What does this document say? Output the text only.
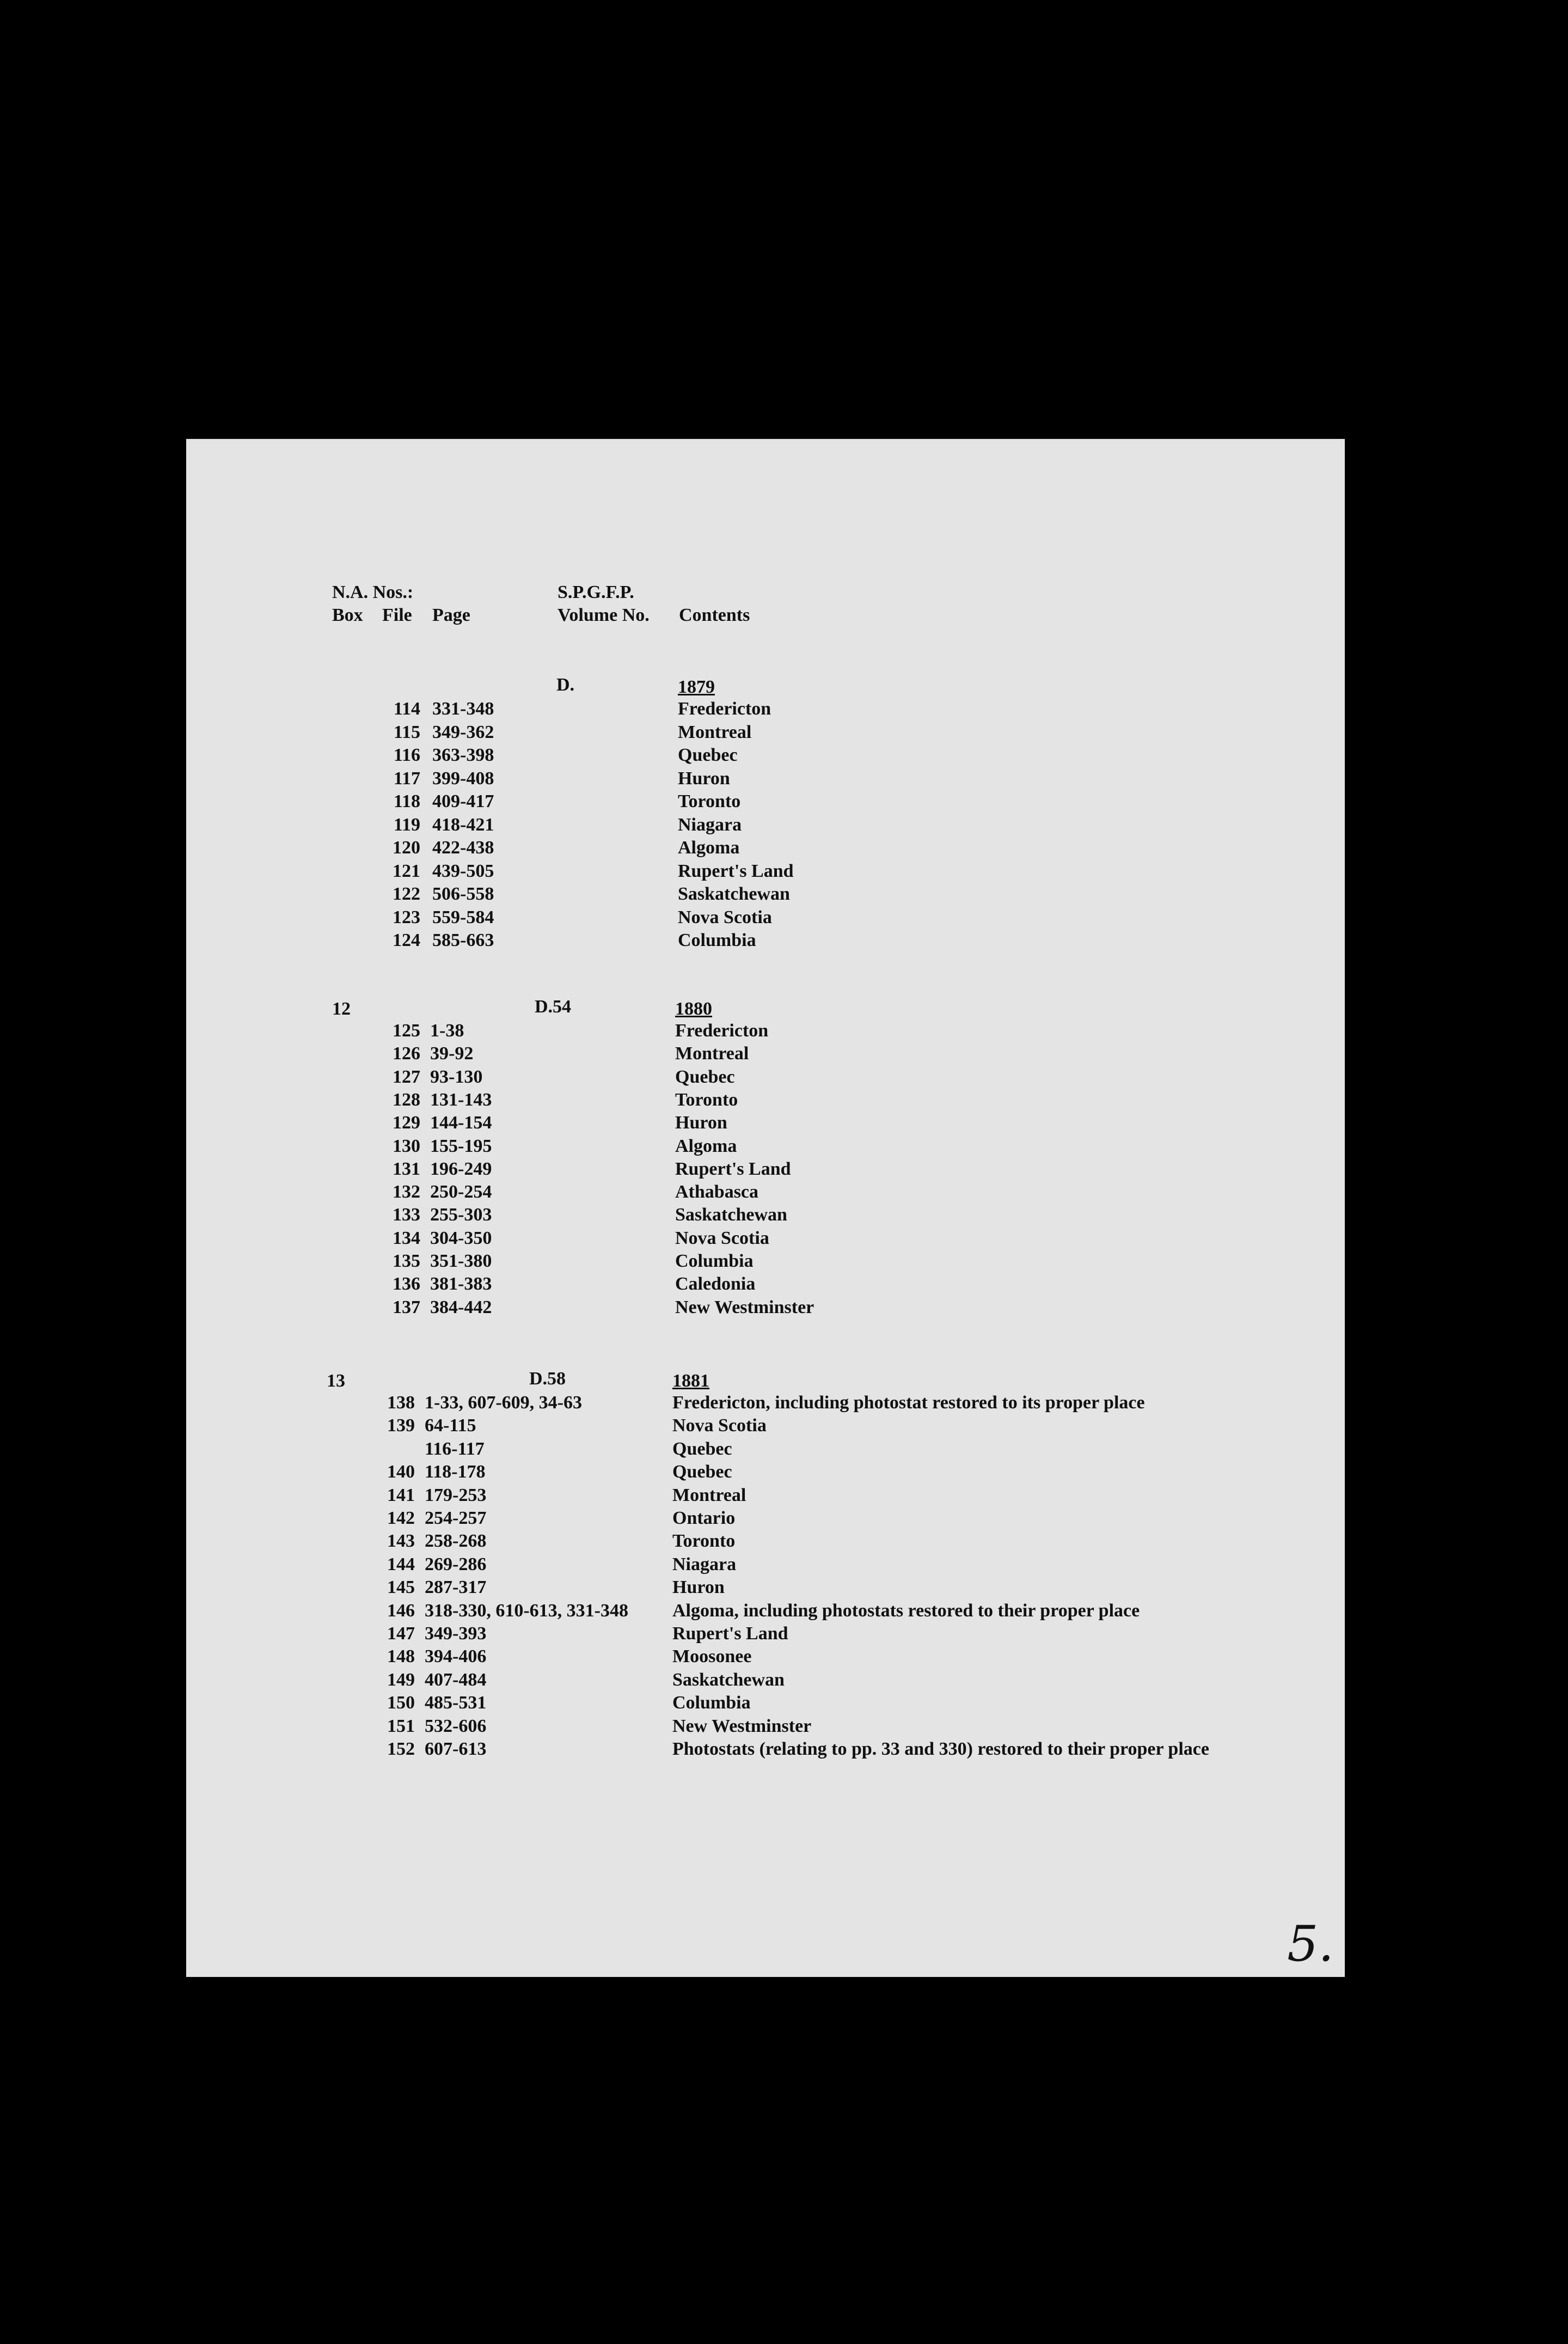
N.A. Nos.:	S.P.G.F.P.
Box File Page	Volume No. Contents
D.	1879
114 331-348	Fredericton
115 349-362	Montreal
116 363-398	Quebec
117 399-408	Huron
118 409-417	Toronto
119 418-421	Niagara
120 422-438	Algoma
121 439-505	Rupert's Land
122 506-558	Saskatchewan
123 559-584	Nova Scotia
124 585-663	Columbia
12	D.54	1880
125 1-38	Fredericton
126 39-92	Montreal
127 93-130	Quebec
128 131-143	Toronto
129 144-154	Huron
130 155-195	Algoma
131 196-249	Rupert's Land
132 250-254	Athabasca
133 255-303	Saskatchewan
134 304-350	Nova Scotia
135 351-380	Columbia
136 381-383	Caledonia
137 384-442	New Westminster
13	D.58	1881
138 1-33, 607-609, 34-63	Fredericton, including photostat restored to its proper place
139 64-115	Nova Scotia
116-117	Quebec
140 118-178	Quebec
141 179-253	Montreal
142 254-257	Ontario
143 258-268	Toronto
144 269-286	Niagara
145 287-317	Huron
146 318-330, 610-613, 331-348 Algoma, including photostats restored to their proper place
147 349-393	Rupert's Land
148 394-406	Moosonee
149 407-484	Saskatchewan
150 485-531	Columbia
151 532-606	New Westminster
152 607-613	Photostats (relating to pp. 33 and 330) restored to their proper place
5.
